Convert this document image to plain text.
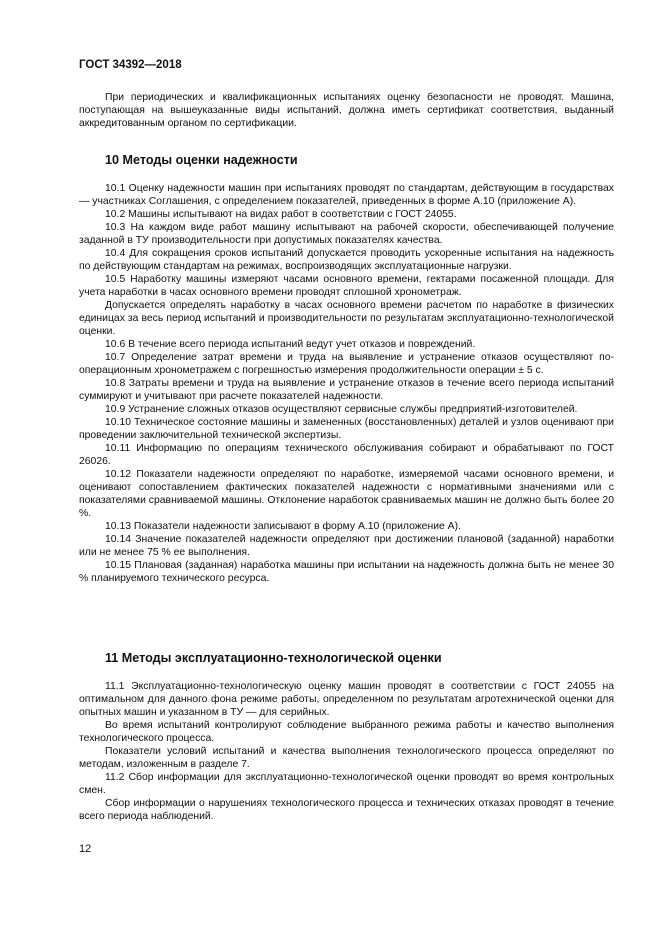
ГОСТ 34392—2018

При периодических и квалификационных испытаниях оценку безопасности не проводят. Машина, поступающая на вышеуказанные виды испытаний, должна иметь сертификат соответствия, выданный аккредитованным органом по сертификации.

10 Методы оценки надежности

10.1 Оценку надежности машин при испытаниях проводят по стандартам, действующим в государствах — участниках Соглашения, с определением показателей, приведенных в форме А.10 (приложение А).

10.2 Машины испытывают на видах работ в соответствии с ГОСТ 24055.

10.3 На каждом виде работ машину испытывают на рабочей скорости, обеспечивающей получение заданной в ТУ производительности при допустимых показателях качества.

10.4 Для сокращения сроков испытаний допускается проводить ускоренные испытания на надежность по действующим стандартам на режимах, воспроизводящих эксплуатационные нагрузки.

10.5 Наработку машины измеряют часами основного времени, гектарами посаженной площади. Для учета наработки в часах основного времени проводят сплошной хронометраж.

Допускается определять наработку в часах основного времени расчетом по наработке в физических единицах за весь период испытаний и производительности по результатам эксплуатационно-технологической оценки.

10.6 В течение всего периода испытаний ведут учет отказов и повреждений.

10.7 Определение затрат времени и труда на выявление и устранение отказов осуществляют пооперационным хронометражем с погрешностью измерения продолжительности операции ± 5 с.

10.8 Затраты времени и труда на выявление и устранение отказов в течение всего периода испытаний суммируют и учитывают при расчете показателей надежности.

10.9 Устранение сложных отказов осуществляют сервисные службы предприятий-изготовителей.

10.10 Техническое состояние машины и замененных (восстановленных) деталей и узлов оценивают при проведении заключительной технической экспертизы.

10.11 Информацию по операциям технического обслуживания собирают и обрабатывают по ГОСТ 26026.

10.12 Показатели надежности определяют по наработке, измеряемой часами основного времени, и оценивают сопоставлением фактических показателей надежности с нормативными значениями или с показателями сравниваемой машины. Отклонение наработок сравниваемых машин не должно быть более 20 %.

10.13 Показатели надежности записывают в форму А.10 (приложение А).

10.14 Значение показателей надежности определяют при достижении плановой (заданной) наработки или не менее 75 % ее выполнения.

10.15 Плановая (заданная) наработка машины при испытании на надежность должна быть не менее 30 % планируемого технического ресурса.

11 Методы эксплуатационно-технологической оценки

11.1 Эксплуатационно-технологическую оценку машин проводят в соответствии с ГОСТ 24055 на оптимальном для данного фона режиме работы, определенном по результатам агротехнической оценки для опытных машин и указанном в ТУ — для серийных.

Во время испытаний контролируют соблюдение выбранного режима работы и качество выполнения технологического процесса.

Показатели условий испытаний и качества выполнения технологического процесса определяют по методам, изложенным в разделе 7.

11.2 Сбор информации для эксплуатационно-технологической оценки проводят во время контрольных смен.

Сбор информации о нарушениях технологического процесса и технических отказах проводят в течение всего периода наблюдений.

12
